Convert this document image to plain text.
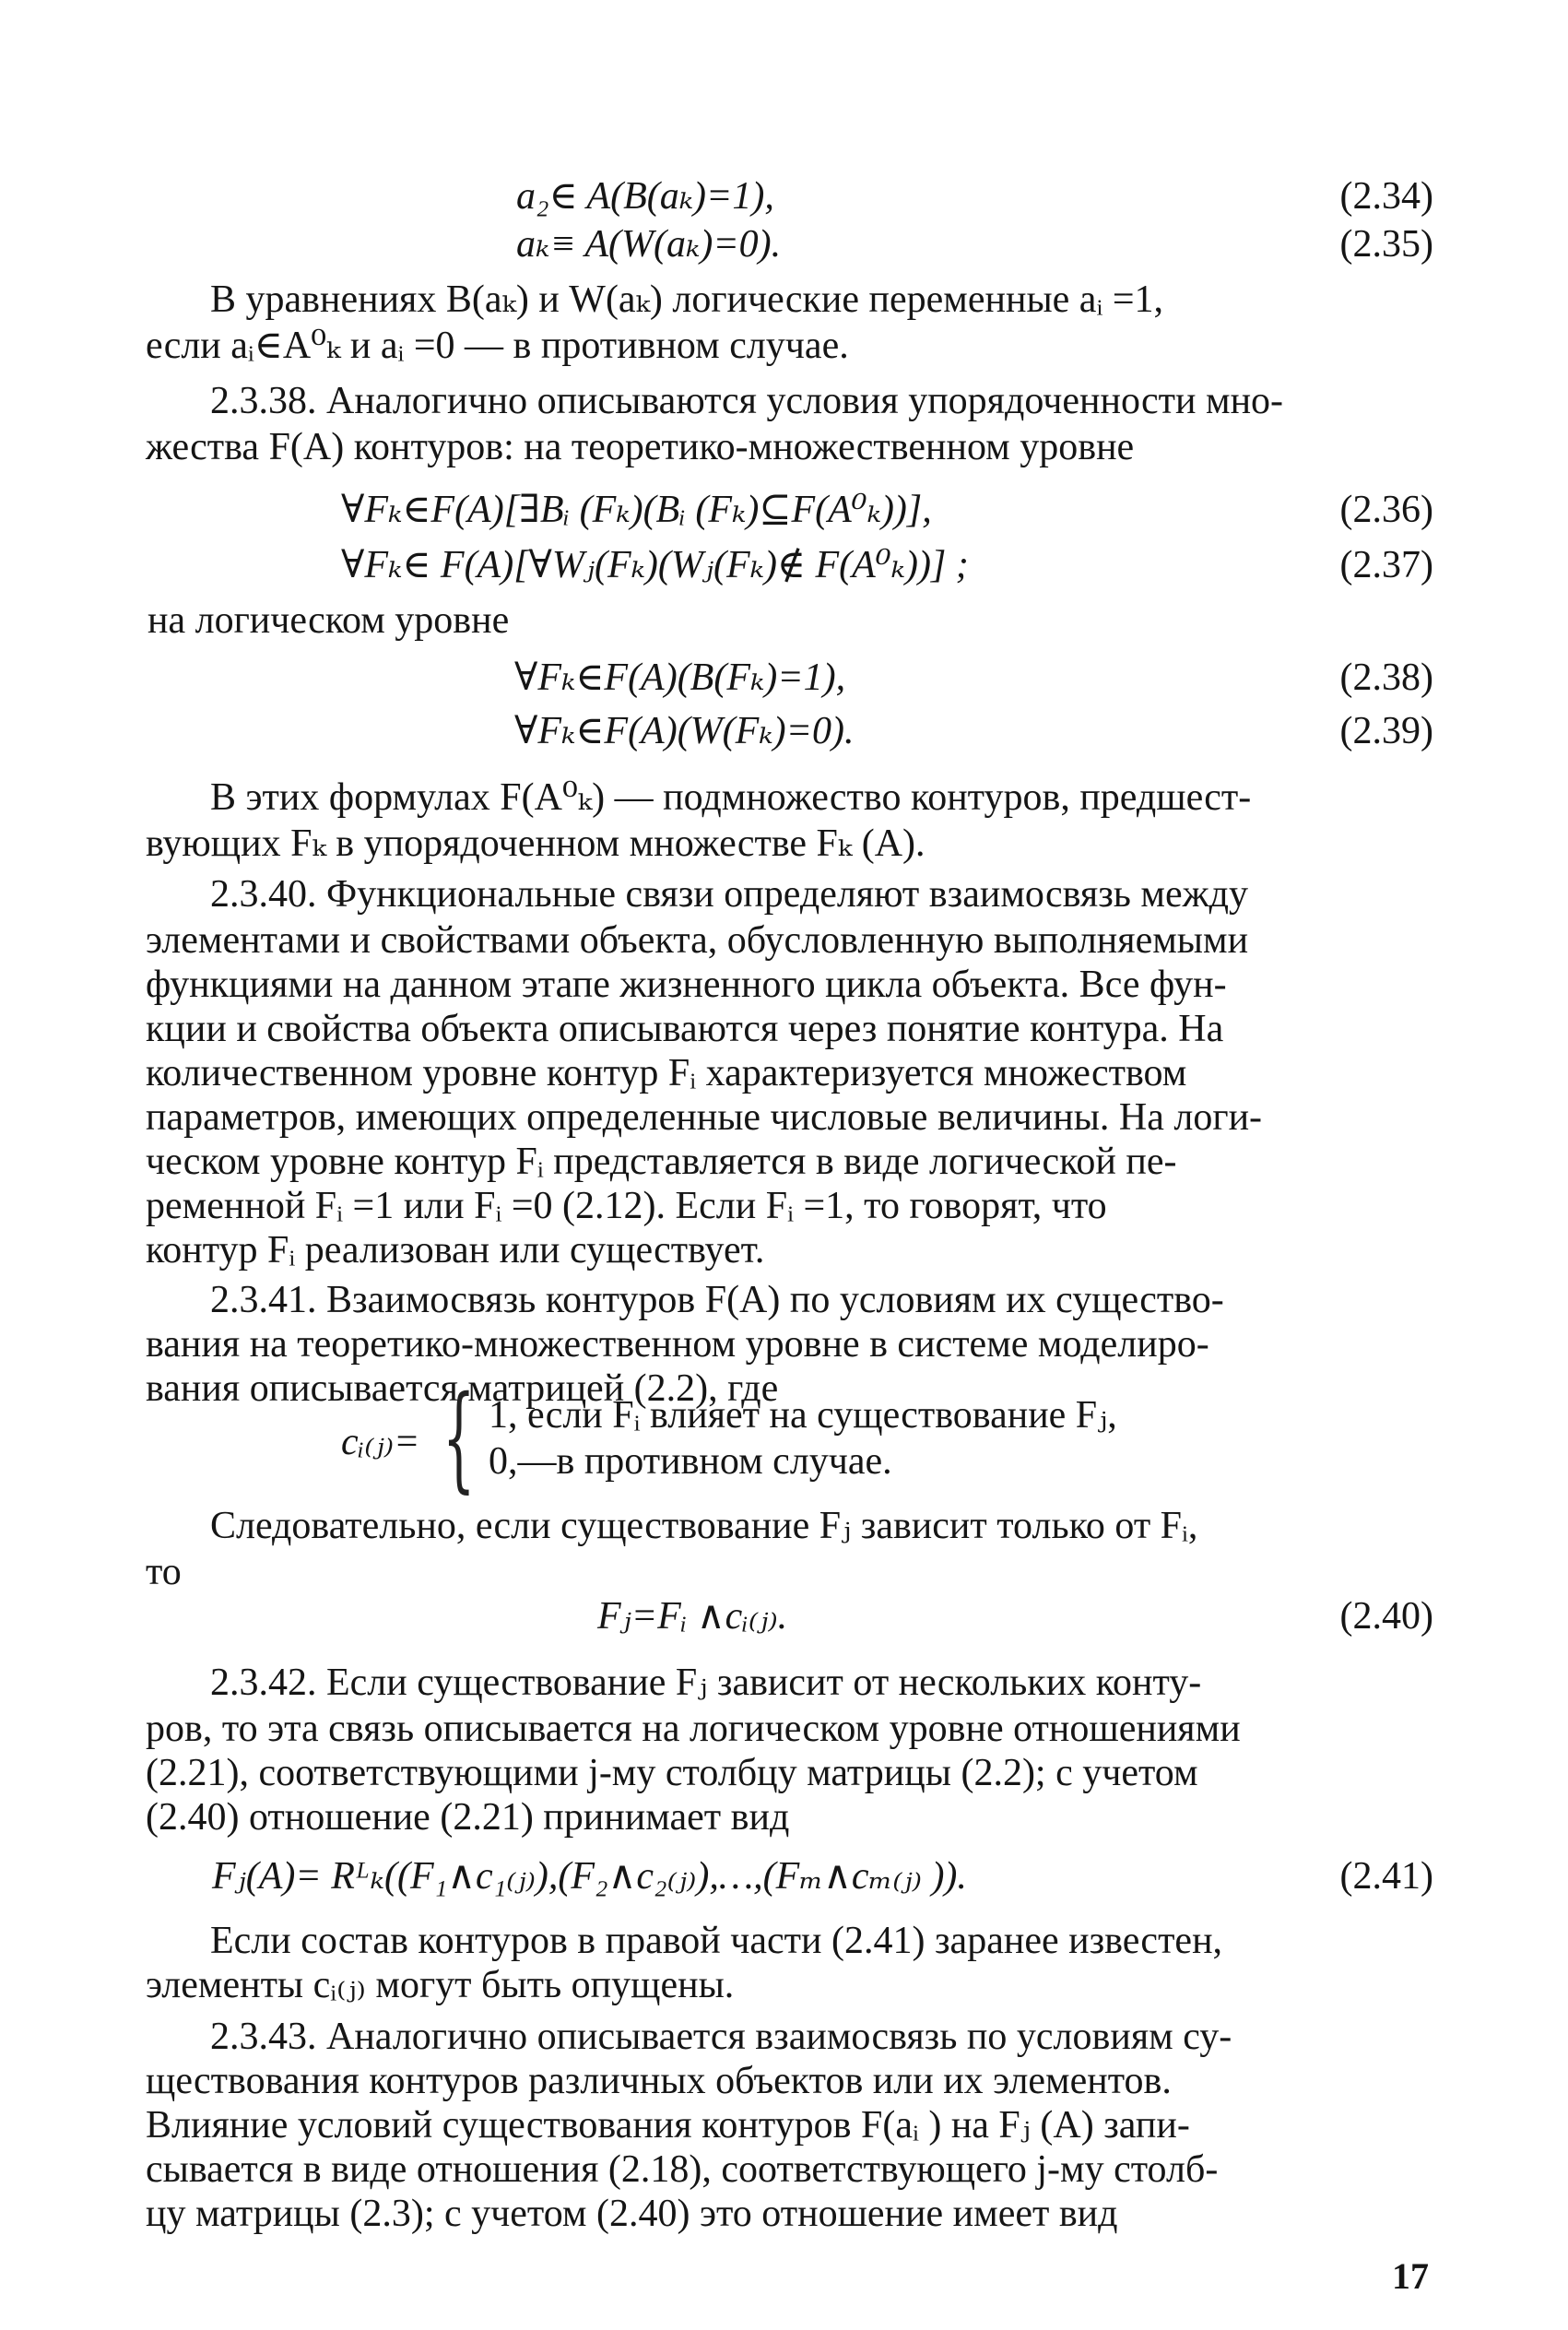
a₂∈ A(B(aₖ)=1),	(2.34)
aₖ≡ A(W(aₖ)=0).	(2.35)
В уравнениях B(aₖ) и W(aₖ) логические переменные aᵢ =1,
если aᵢ∈A⁰ₖ и aᵢ =0 — в противном случае.
2.3.38. Аналогично описываются условия упорядоченности мно-
жества F(A) контуров: на теоретико-множественном уровне
∀Fₖ∈F(A)[∃Bᵢ (Fₖ)(Bᵢ (Fₖ)⊆F(A⁰ₖ))],	(2.36)
∀Fₖ∈ F(A)[∀Wⱼ(Fₖ)(Wⱼ(Fₖ)∉ F(A⁰ₖ))] ;	(2.37)
на логическом уровне
∀Fₖ∈F(A)(B(Fₖ)=1),	(2.38)
∀Fₖ∈F(A)(W(Fₖ)=0).	(2.39)
В этих формулах F(A⁰ₖ) — подмножество контуров, предшест-
вующих Fₖ в упорядоченном множестве Fₖ (A).
2.3.40. Функциональные связи определяют взаимосвязь между
элементами и свойствами объекта, обусловленную выполняемыми
функциями на данном этапе жизненного цикла объекта. Все фун-
кции и свойства объекта описываются через понятие контура. На
количественном уровне контур Fᵢ характеризуется множеством
параметров, имеющих определенные числовые величины. На логи-
ческом уровне контур Fᵢ представляется в виде логической пе-
ременной Fᵢ =1 или Fᵢ =0 (2.12). Если Fᵢ =1, то говорят, что
контур Fᵢ реализован или существует.
2.3.41. Взаимосвязь контуров F(A) по условиям их существо-
вания на теоретико-множественном уровне в системе моделиро-
вания описывается матрицей (2.2), где
cᵢ₍ⱼ₎= { 1, если Fᵢ влияет на существование Fⱼ,
0,—в противном случае.
Следовательно, если существование Fⱼ зависит только от Fᵢ,
то
Fⱼ=Fᵢ ∧cᵢ₍ⱼ₎.	(2.40)
2.3.42. Если существование Fⱼ зависит от нескольких конту-
ров, то эта связь описывается на логическом уровне отношениями
(2.21), соответствующими j-му столбцу матрицы (2.2); с учетом
(2.40) отношение (2.21) принимает вид
Fⱼ(A)= Rᴸₖ((F₁∧c₁₍ⱼ₎),(F₂∧c₂₍ⱼ₎),…,(Fₘ∧cₘ₍ⱼ₎ )).	(2.41)
Если состав контуров в правой части (2.41) заранее известен,
элементы cᵢ₍ⱼ₎ могут быть опущены.
2.3.43. Аналогично описывается взаимосвязь по условиям су-
ществования контуров различных объектов или их элементов.
Влияние условий существования контуров F(aᵢ ) на Fⱼ (A) запи-
сывается в виде отношения (2.18), соответствующего j-му столб-
цу матрицы (2.3); с учетом (2.40) это отношение имеет вид
17
